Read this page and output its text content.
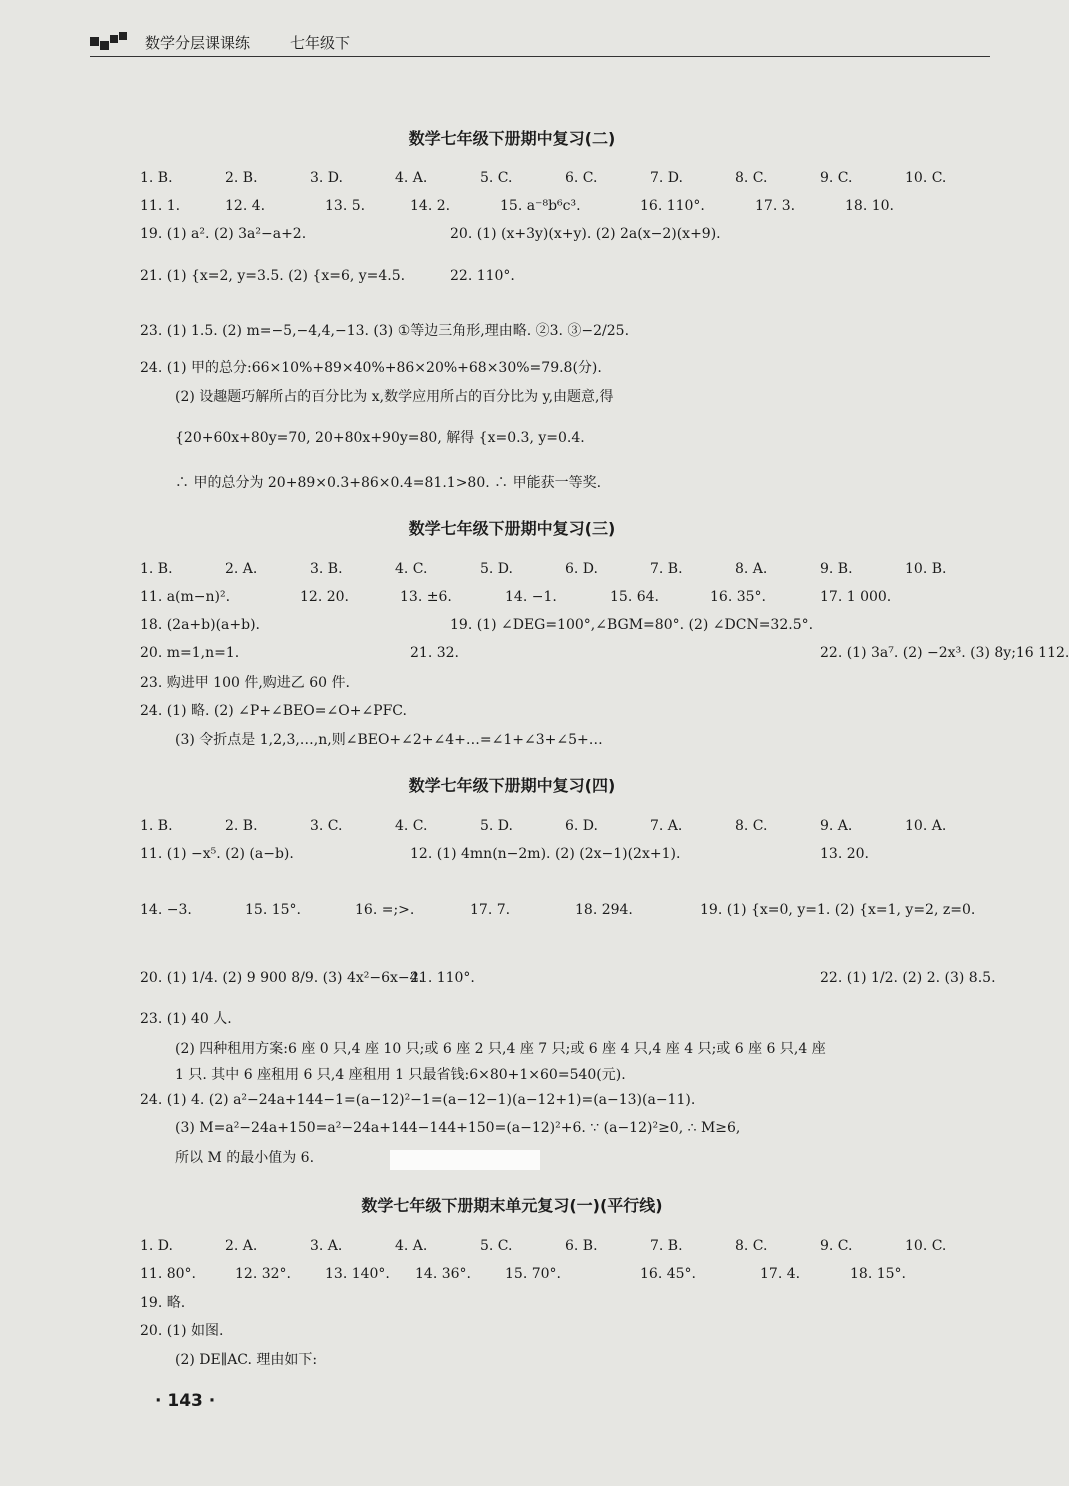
数学分层课课练	七年级下
数学七年级下册期中复习(二)
1. B.	2. B.	3. D.	4. A.	5. C.	6. C.	7. D.	8. C.	9. C.	10. C.
11. 1.	12. 4.	13. 5.	14. 2.	15. a⁻⁸b⁶c³.	16. 110°.	17. 3.	18. 10.
19. (1) a². (2) 3a²−a+2.	20. (1) (x+3y)(x+y). (2) 2a(x−2)(x+9).
21. (1) {x=2, y=3.5. (2) {x=6, y=4.5.	22. 110°.
23. (1) 1.5. (2) m=−5,−4,4,−13. (3) ①等边三角形,理由略. ②3. ③−2/25.
24. (1) 甲的总分:66×10%+89×40%+86×20%+68×30%=79.8(分).
(2) 设趣题巧解所占的百分比为 x,数学应用所占的百分比为 y,由题意,得
{20+60x+80y=70, 20+80x+90y=80, 解得 {x=0.3, y=0.4.
∴ 甲的总分为 20+89×0.3+86×0.4=81.1>80. ∴ 甲能获一等奖.
数学七年级下册期中复习(三)
1. B.	2. A.	3. B.	4. C.	5. D.	6. D.	7. B.	8. A.	9. B.	10. B.
11. a(m−n)².	12. 20.	13. ±6.	14. −1.	15. 64.	16. 35°.	17. 1 000.
18. (2a+b)(a+b).	19. (1) ∠DEG=100°,∠BGM=80°. (2) ∠DCN=32.5°.
20. m=1,n=1.	21. 32.	22. (1) 3a⁷. (2) −2x³. (3) 8y;16 112.
23. 购进甲 100 件,购进乙 60 件.
24. (1) 略. (2) ∠P+∠BEO=∠O+∠PFC.
(3) 令折点是 1,2,3,…,n,则∠BEO+∠2+∠4+…=∠1+∠3+∠5+…
数学七年级下册期中复习(四)
1. B.	2. B.	3. C.	4. C.	5. D.	6. D.	7. A.	8. C.	9. A.	10. A.
11. (1) −x⁵. (2) (a−b).	12. (1) 4mn(n−2m). (2) (2x−1)(2x+1).	13. 20.
14. −3.	15. 15°.	16. =;>.	17. 7.	18. 294.	19. (1) {x=0, y=1. (2) {x=1, y=2, z=0.
20. (1) 1/4. (2) 9 900 8/9. (3) 4x²−6x−4.
21. 110°.	22. (1) 1/2. (2) 2. (3) 8.5.
23. (1) 40 人.
(2) 四种租用方案:6 座 0 只,4 座 10 只;或 6 座 2 只,4 座 7 只;或 6 座 4 只,4 座 4 只;或 6 座 6 只,4 座
1 只. 其中 6 座租用 6 只,4 座租用 1 只最省钱:6×80+1×60=540(元).
24. (1) 4. (2) a²−24a+144−1=(a−12)²−1=(a−12−1)(a−12+1)=(a−13)(a−11).
(3) M=a²−24a+150=a²−24a+144−144+150=(a−12)²+6. ∵ (a−12)²≥0, ∴ M≥6,
所以 M 的最小值为 6.
数学七年级下册期末单元复习(一)(平行线)
1. D.	2. A.	3. A.	4. A.	5. C.	6. B.	7. B.	8. C.	9. C.	10. C.
11. 80°.	12. 32°. 13. 140°. 14. 36°. 15. 70°.	16. 45°.	17. 4.	18. 15°.
19. 略.
20. (1) 如图.
(2) DE∥AC. 理由如下:
· 143 ·
